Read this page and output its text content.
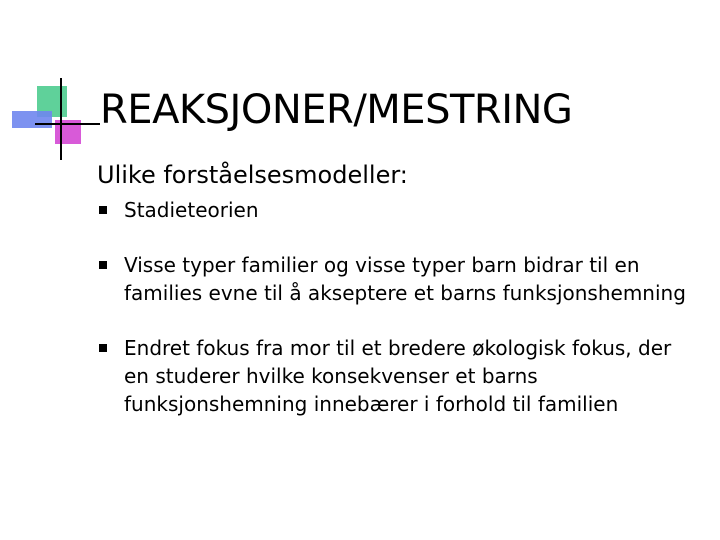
REAKSJONER/MESTRING
Ulike forståelsesmodeller:
Stadieteorien
Visse typer familier og visse typer barn bidrar til en families evne til å akseptere et barns funksjonshemning
Endret fokus fra mor til et bredere økologisk fokus, der en studerer hvilke konsekvenser et barns funksjonshemning innebærer i forhold til familien
